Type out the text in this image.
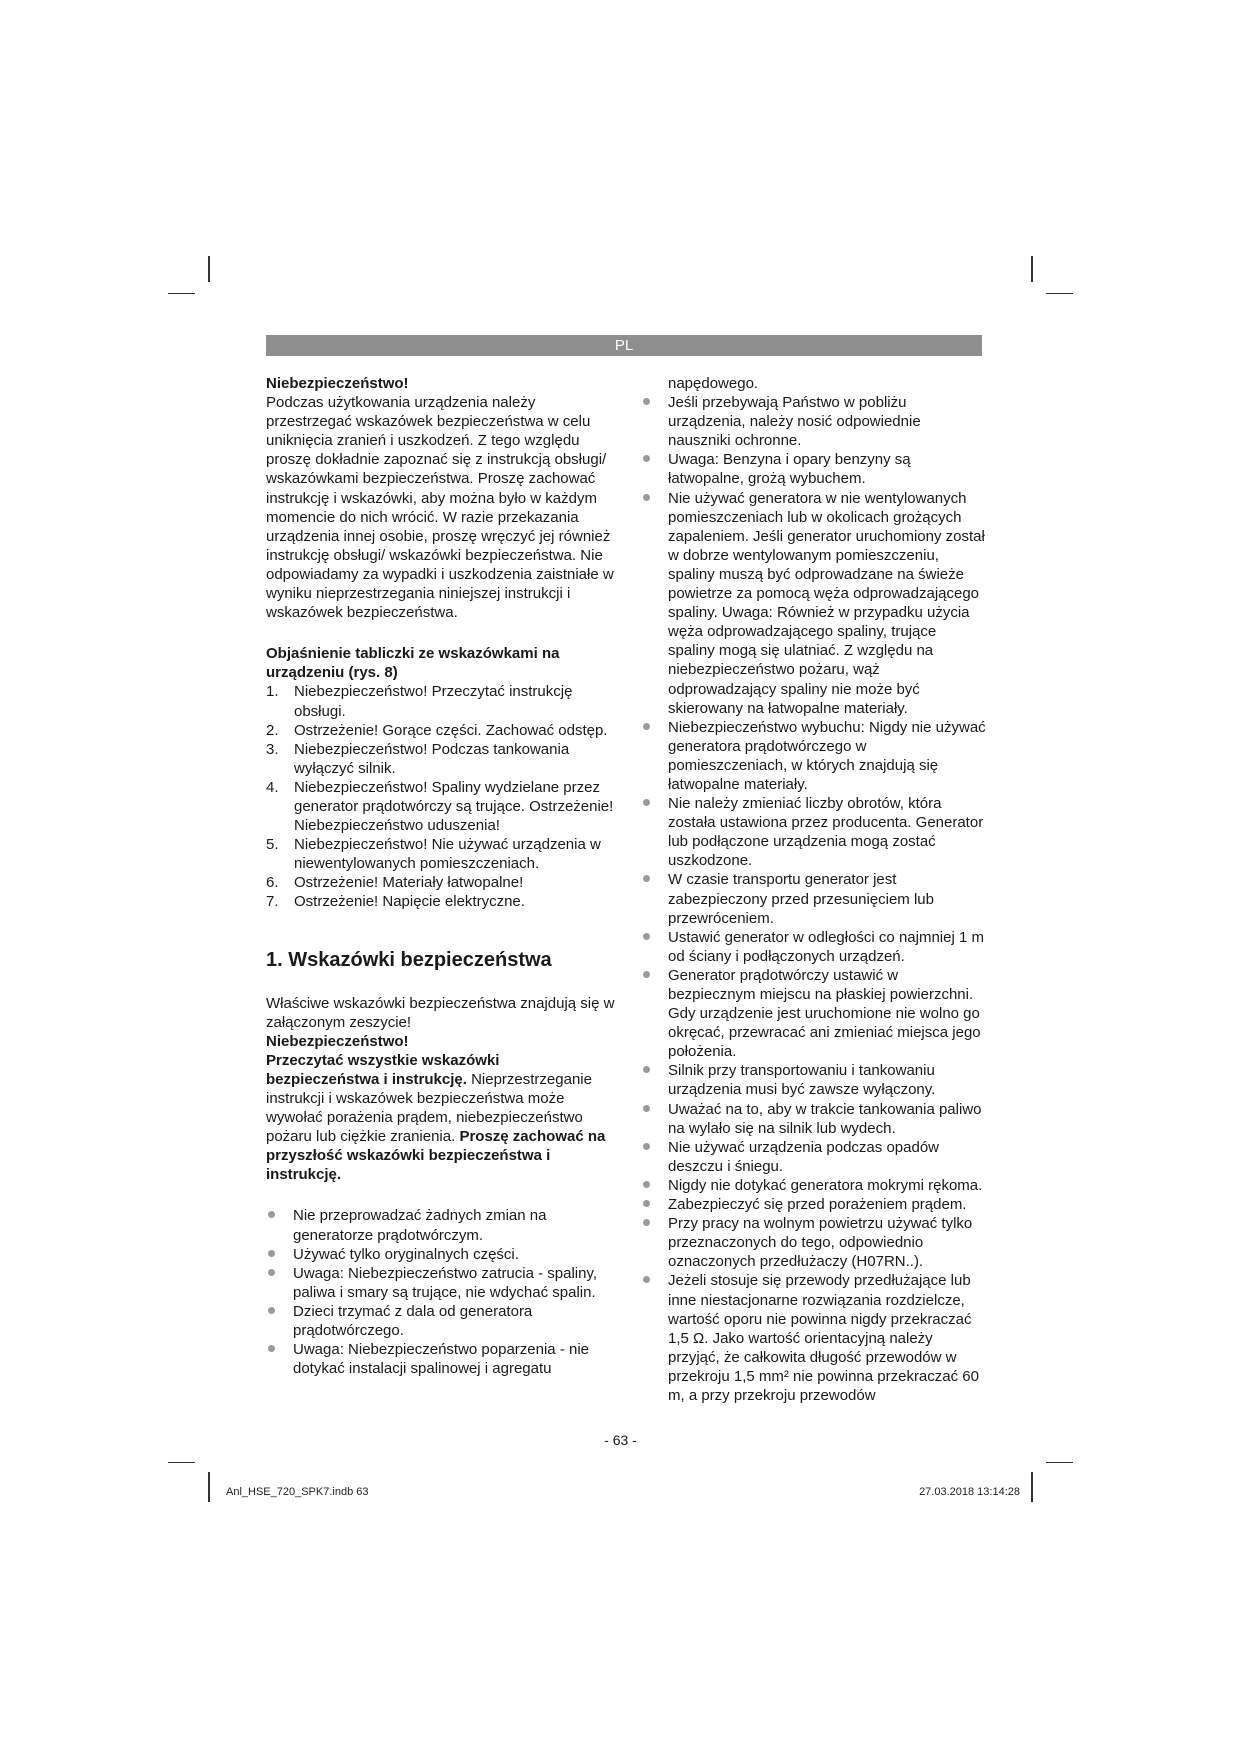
PL

Niebezpieczeństwo!

Podczas użytkowania urządzenia należy przestrzegać wskazówek bezpieczeństwa w celu uniknięcia zranień i uszkodzeń. Z tego względu proszę dokładnie zapoznać się z instrukcją obsługi/ wskazówkami bezpieczeństwa. Proszę zachować instrukcję i wskazówki, aby można było w każdym momencie do nich wrócić. W razie przekazania urządzenia innej osobie, proszę wręczyć jej również instrukcję obsługi/ wskazówki bezpieczeństwa. Nie odpowiadamy za wypadki i uszkodzenia zaistniałe w wyniku nieprzestrzegania niniejszej instrukcji i wskazówek bezpieczeństwa.

Objaśnienie tabliczki ze wskazówkami na urządzeniu (rys. 8)

1. Niebezpieczeństwo! Przeczytać instrukcję obsługi.
2. Ostrzeżenie! Gorące części. Zachować odstęp.
3. Niebezpieczeństwo! Podczas tankowania wyłączyć silnik.
4. Niebezpieczeństwo! Spaliny wydzielane przez generator prądotwórczy są trujące. Ostrzeżenie! Niebezpieczeństwo uduszenia!
5. Niebezpieczeństwo! Nie używać urządzenia w niewentylowanych pomieszczeniach.
6. Ostrzeżenie! Materiały łatwopalne!
7. Ostrzeżenie! Napięcie elektryczne.
1. Wskazówki bezpieczeństwa

Właściwe wskazówki bezpieczeństwa znajdują się w załączonym zeszycie!

Niebezpieczeństwo!

Przeczytać wszystkie wskazówki bezpieczeństwa i instrukcję. Nieprzestrzeganie instrukcji i wskazówek bezpieczeństwa może wywołać porażenia prądem, niebezpieczeństwo pożaru lub ciężkie zranienia. Proszę zachować na przyszłość wskazówki bezpieczeństwa i instrukcję.

Nie przeprowadzać żadnych zmian na generatorze prądotwórczym.
Używać tylko oryginalnych części.
Uwaga: Niebezpieczeństwo zatrucia - spaliny, paliwa i smary są trujące, nie wdychać spalin.
Dzieci trzymać z dala od generatora prądotwórczego.
Uwaga: Niebezpieczeństwo poparzenia - nie dotykać instalacji spalinowej i agregatu

napędowego.

Jeśli przebywają Państwo w pobliżu urządzenia, należy nosić odpowiednie nauszniki ochronne.
Uwaga: Benzyna i opary benzyny są łatwopalne, grożą wybuchem.
Nie używać generatora w nie wentylowanych pomieszczeniach lub w okolicach grożących zapaleniem. Jeśli generator uruchomiony został w dobrze wentylowanym pomieszczeniu, spaliny muszą być odprowadzane na świeże powietrze za pomocą węża odprowadzającego spaliny. Uwaga: Również w przypadku użycia węża odprowadzającego spaliny, trujące spaliny mogą się ulatniać. Z względu na niebezpieczeństwo pożaru, wąż odprowadzający spaliny nie może być skierowany na łatwopalne materiały.
Niebezpieczeństwo wybuchu: Nigdy nie używać generatora prądotwórczego w pomieszczeniach, w których znajdują się łatwopalne materiały.
Nie należy zmieniać liczby obrotów, która została ustawiona przez producenta. Generator lub podłączone urządzenia mogą zostać uszkodzone.
W czasie transportu generator jest zabezpieczony przed przesunięciem lub przewróceniem.
Ustawić generator w odległości co najmniej 1 m od ściany i podłączonych urządzeń.
Generator prądotwórczy ustawić w bezpiecznym miejscu na płaskiej powierzchni. Gdy urządzenie jest uruchomione nie wolno go okręcać, przewracać ani zmieniać miejsca jego położenia.
Silnik przy transportowaniu i tankowaniu urządzenia musi być zawsze wyłączony.
Uważać na to, aby w trakcie tankowania paliwo na wylało się na silnik lub wydech.
Nie używać urządzenia podczas opadów deszczu i śniegu.
Nigdy nie dotykać generatora mokrymi rękoma.
Zabezpieczyć się przed porażeniem prądem.
Przy pracy na wolnym powietrzu używać tylko przeznaczonych do tego, odpowiednio oznaczonych przedłużaczy (H07RN..).
Jeżeli stosuje się przewody przedłużające lub inne niestacjonarne rozwiązania rozdzielcze, wartość oporu nie powinna nigdy przekraczać 1,5 Ω. Jako wartość orientacyjną należy przyjąć, że całkowita długość przewodów w przekroju 1,5 mm² nie powinna przekraczać 60 m, a przy przekroju przewodów
- 63 -
Anl_HSE_720_SPK7.indb 63	27.03.2018 13:14:28
